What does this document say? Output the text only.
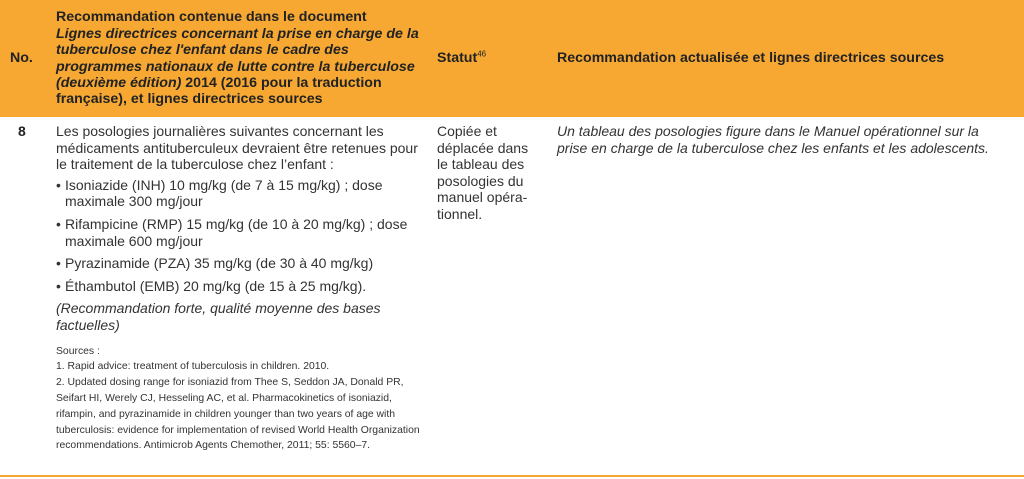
No.
Recommandation contenue dans le document
Lignes directrices concernant la prise en charge de la tuberculose chez l'enfant dans le cadre des programmes nationaux de lutte contre la tuberculose (deuxième édition) 2014 (2016 pour la traduction française), et lignes directrices sources
Statut$^{46}$	Recommandation actualisée et lignes directrices sources
8 Les posologies journalières suivantes concernant les médicaments antituberculeux devraient être retenues pour le traitement de la tuberculose chez l’enfant :

• Isoniazide (INH) 10 mg/kg (de 7 à 15 mg/kg) ; dose maximale 300 mg/jour
• Rifampicine (RMP) 15 mg/kg (de 10 à 20 mg/kg) ; dose maximale 600 mg/jour
• Pyrazinamide (PZA) 35 mg/kg (de 30 à 40 mg/kg)
• Éthambutol (EMB) 20 mg/kg (de 15 à 25 mg/kg).

(Recommandation forte, qualité moyenne des bases factuelles)

Sources :
1. Rapid advice: treatment of tuberculosis in children. 2010.
2. Updated dosing range for isoniazid from Thee S, Seddon JA, Donald PR, Seifart HI, Werely CJ, Hesseling AC, et al. Pharmacokinetics of isoniazid, rifampin, and pyrazinamide in children younger than two years of age with tuberculosis: evidence for implementation of revised World Health Organization recommendations. Antimicrob Agents Chemother, 2011; 55: 5560–7.
Copiée et déplacée dans le tableau des posologies du manuel opérationnel.
Un tableau des posologies figure dans le Manuel opérationnel sur la prise en charge de la tuberculose chez les enfants et les adolescents.
